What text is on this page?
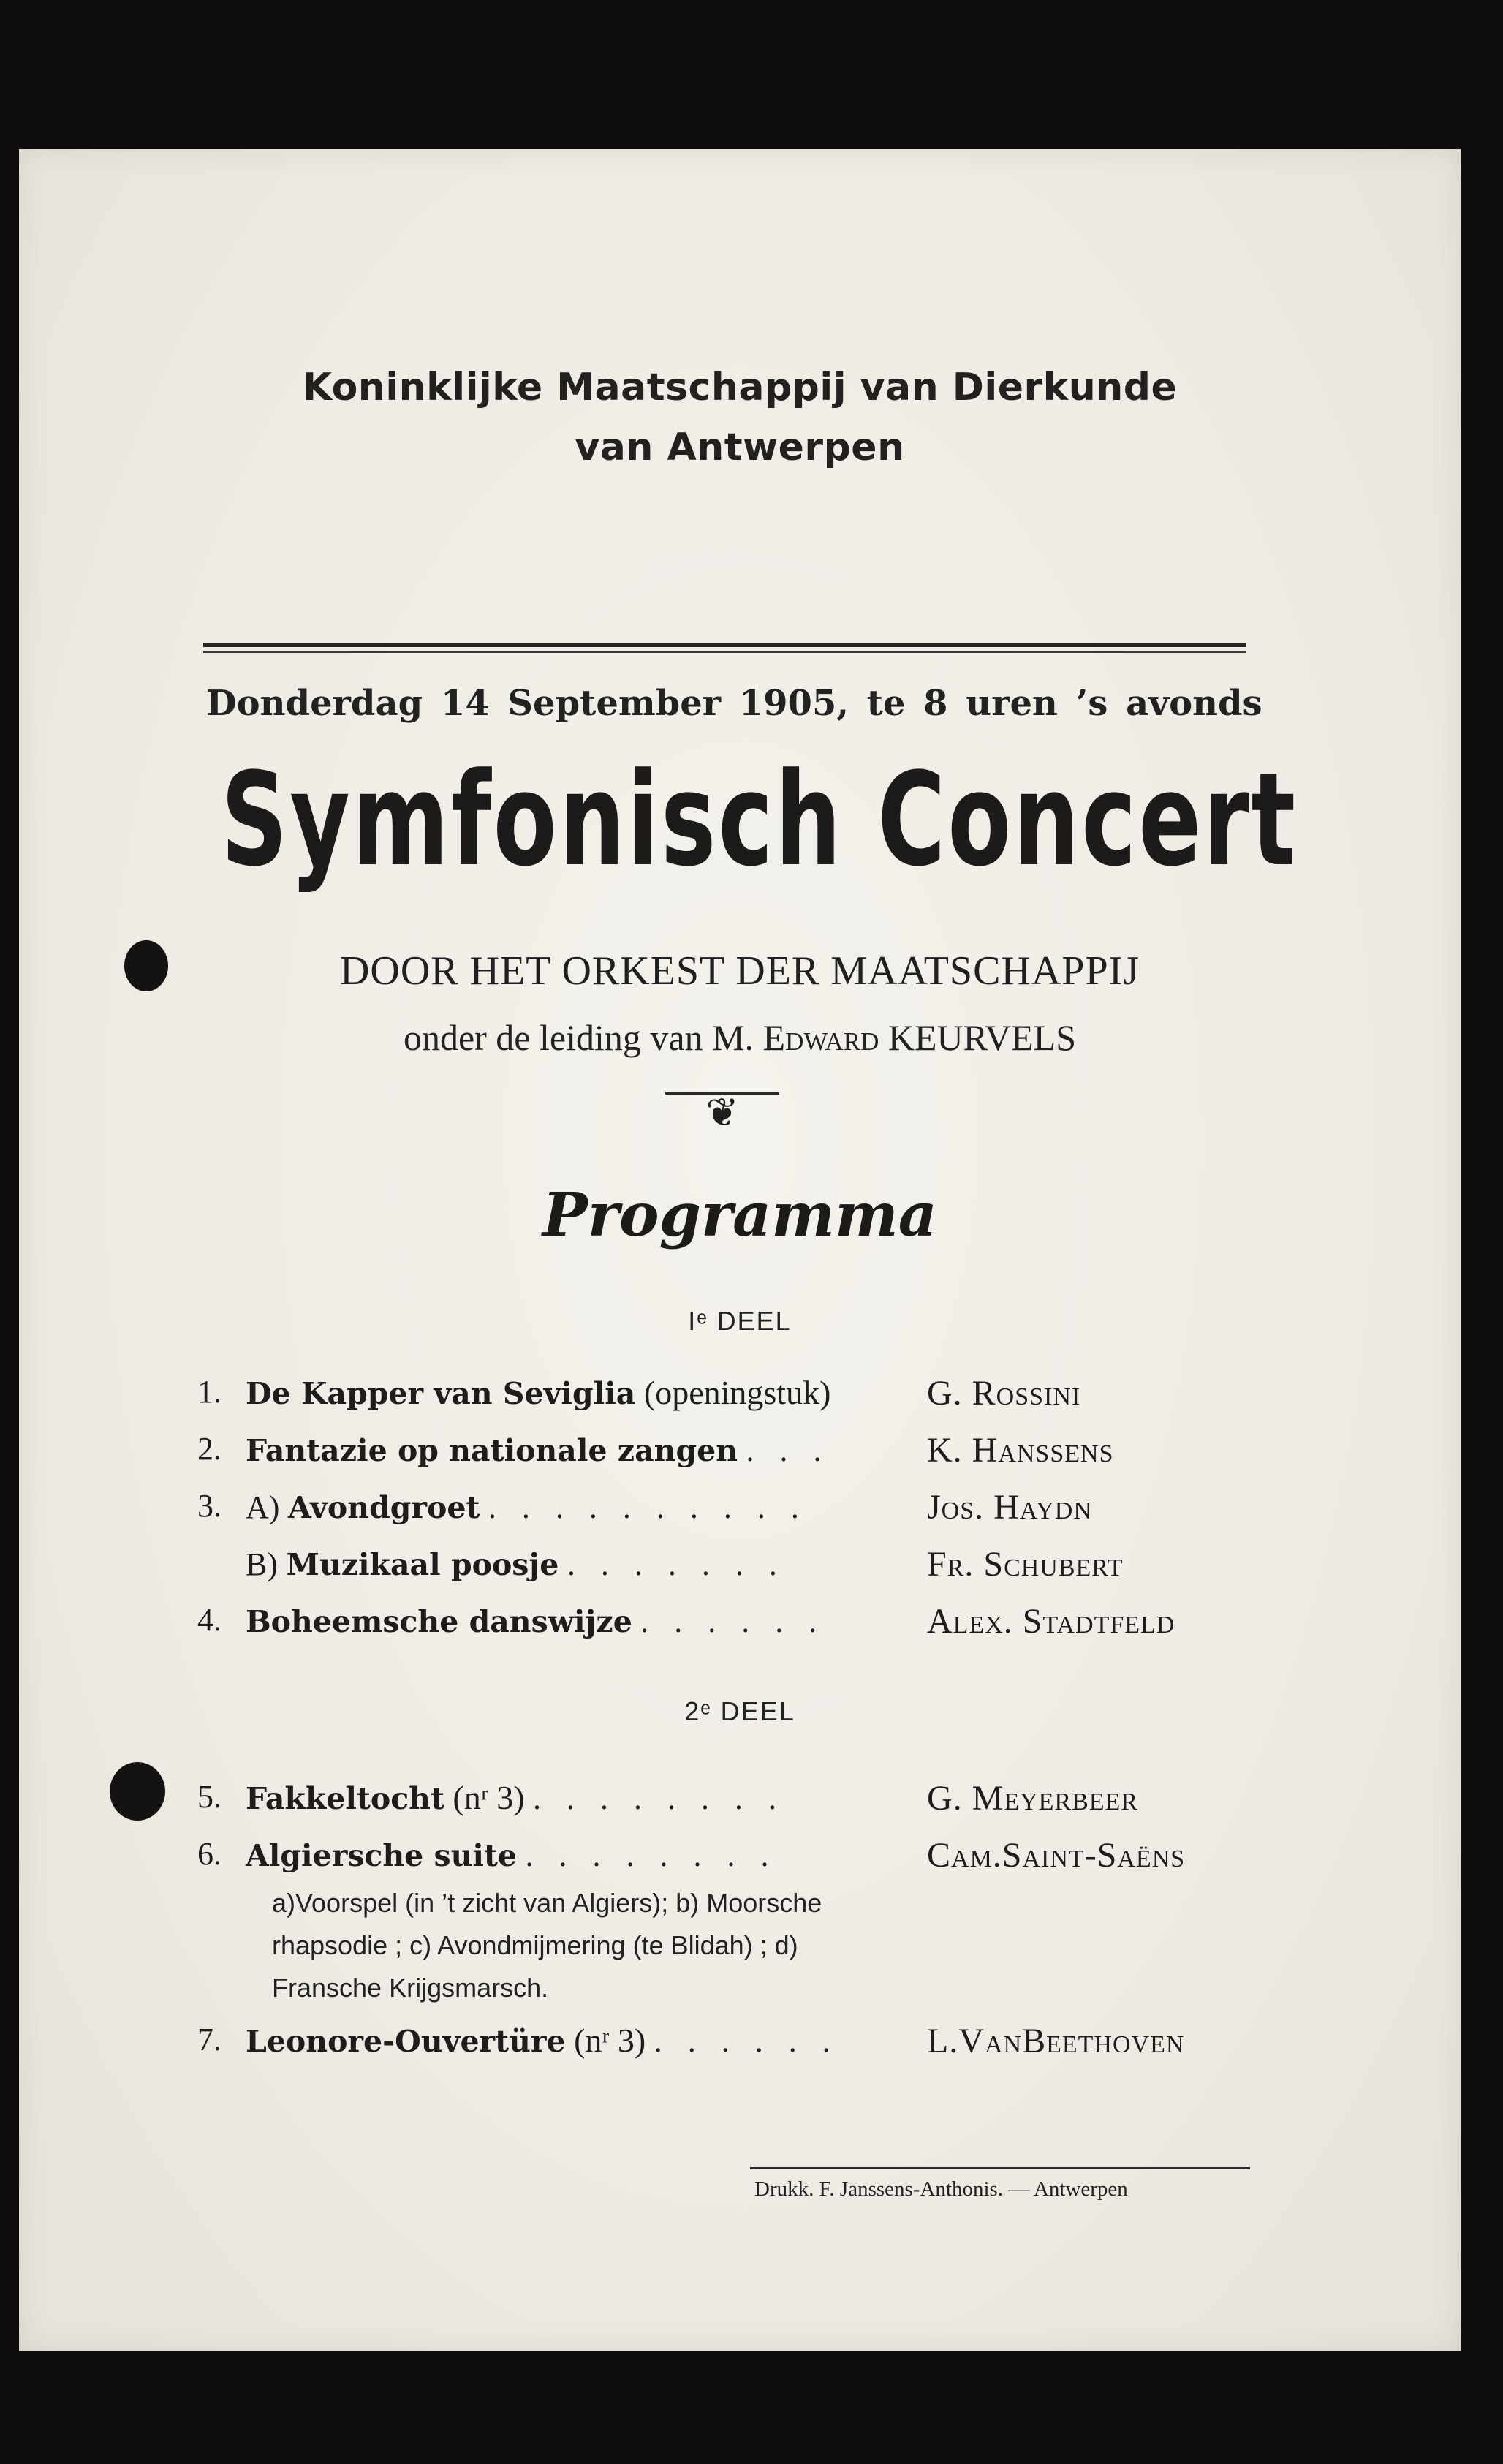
Koninklijke Maatschappij van Dierkunde
van Antwerpen
Donderdag 14 September 1905, te 8 uren ’s avonds
Symfonisch Concert
DOOR HET ORKEST DER MAATSCHAPPIJ
onder de leiding van M. Edward KEURVELS
❦
Programma
Iᵉ DEEL
1. De Kapper van Seviglia (openingstuk)	G. Rossini
2. Fantazie op nationale zangen . . .	K. Hanssens
3. A) Avondgroet . . . . . . . . . .	Jos. Haydn
B) Muzikaal poosje . . . . . . .	Fr. Schubert
4. Boheemsche danswijze . . . . . .	Alex. Stadtfeld
2ᵉ DEEL
5. Fakkeltocht (nʳ 3) . . . . . . . .	G. Meyerbeer
6. Algiersche suite . . . . . . . .	Cam.Saint-Saëns
a)Voorspel (in ’t zicht van Algiers); b) Moorsche
rhapsodie ; c) Avondmijmering (te Blidah) ; d)
Fransche Krijgsmarsch.
7. Leonore-Ouvertüre (nʳ 3) . . . . . .	L.VanBeethoven
Drukk. F. Janssens-Anthonis. — Antwerpen
